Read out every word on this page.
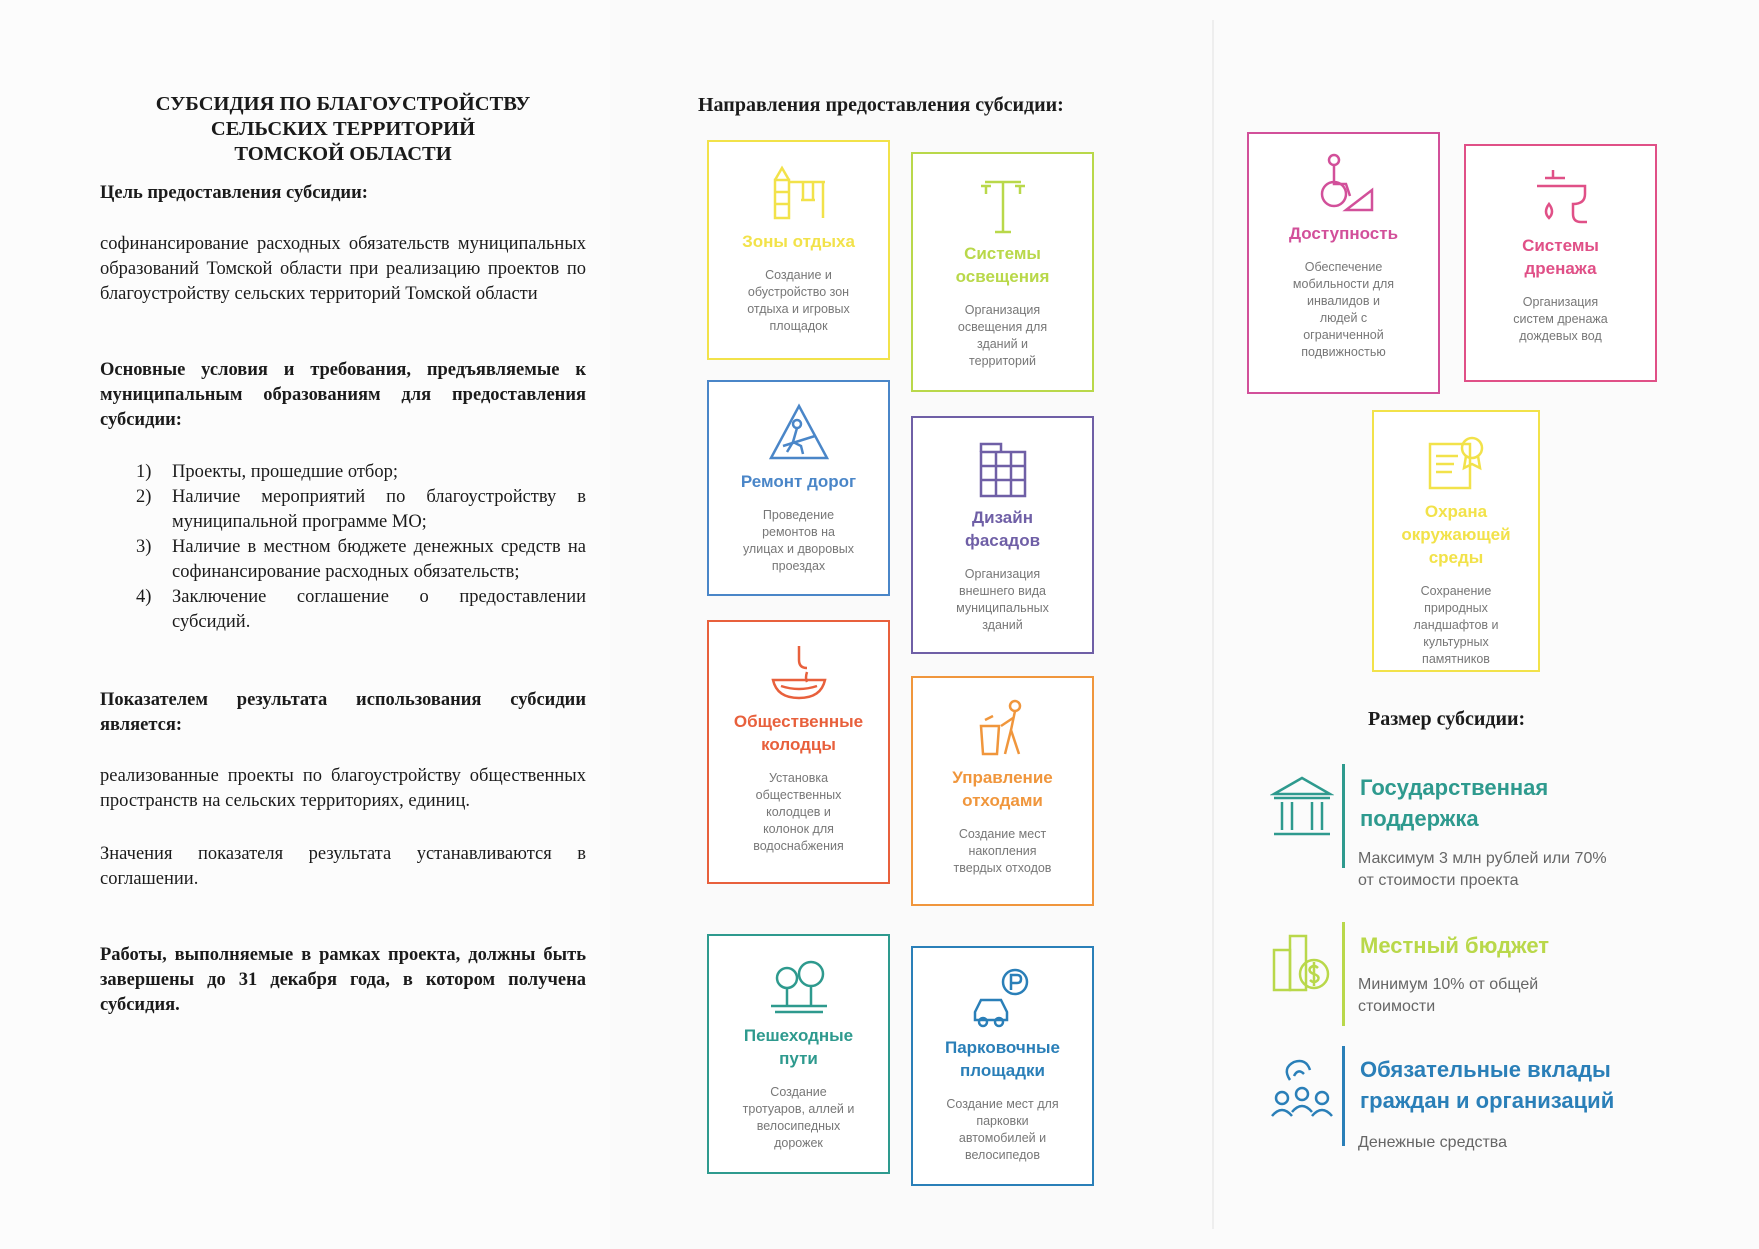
СУБСИДИЯ ПО БЛАГОУСТРОЙСТВУ
СЕЛЬСКИХ ТЕРРИТОРИЙ
ТОМСКОЙ ОБЛАСТИ
Цель предоставления субсидии:
софинансирование расходных обязательств муниципальных образований Томской области при реализацию проектов по благоустройству сельских территорий Томской области
Основные условия и требования, предъявляемые к муниципальным образованиям для предоставления субсидии:
1) Проекты, прошедшие отбор;
2) Наличие мероприятий по благоустройству в муниципальной программе МО;
3) Наличие в местном бюджете денежных средств на софинансирование расходных обязательств;
4) Заключение соглашение о предоставлении субсидий.
Показателем результата использования субсидии является:
реализованные проекты по благоустройству общественных пространств на сельских территориях, единиц.
Значения показателя результата устанавливаются в соглашении.
Работы, выполняемые в рамках проекта, должны быть завершены до 31 декабря года, в котором получена субсидия.
Направления предоставления субсидии:
Зоны отдыха
Создание и
обустройство зон
отдыха и игровых
площадок
Системы
освещения
Организация
освещения для
зданий и
территорий
Ремонт дорог
Проведение
ремонтов на
улицах и дворовых
проездах
Дизайн
фасадов
Организация
внешнего вида
муниципальных
зданий
Общественные
колодцы
Установка
общественных
колодцев и
колонок для
водоснабжения
Управление
отходами
Создание мест
накопления
твердых отходов
Пешеходные
пути
Создание
тротуаров, аллей и
велосипедных
дорожек
Парковочные
площадки
Создание мест для
парковки
автомобилей и
велосипедов
Доступность
Обеспечение
мобильности для
инвалидов и
людей с
ограниченной
подвижностью
Системы
дренажа
Организация
систем дренажа
дождевых вод
Охрана
окружающей
среды
Сохранение
природных
ландшафтов и
культурных
памятников
Размер субсидии:
Государственная
поддержка
Максимум 3 млн рублей или 70%
от стоимости проекта
Местный бюджет
Минимум 10% от общей
стоимости
Обязательные вклады
граждан и организаций
Денежные средства
